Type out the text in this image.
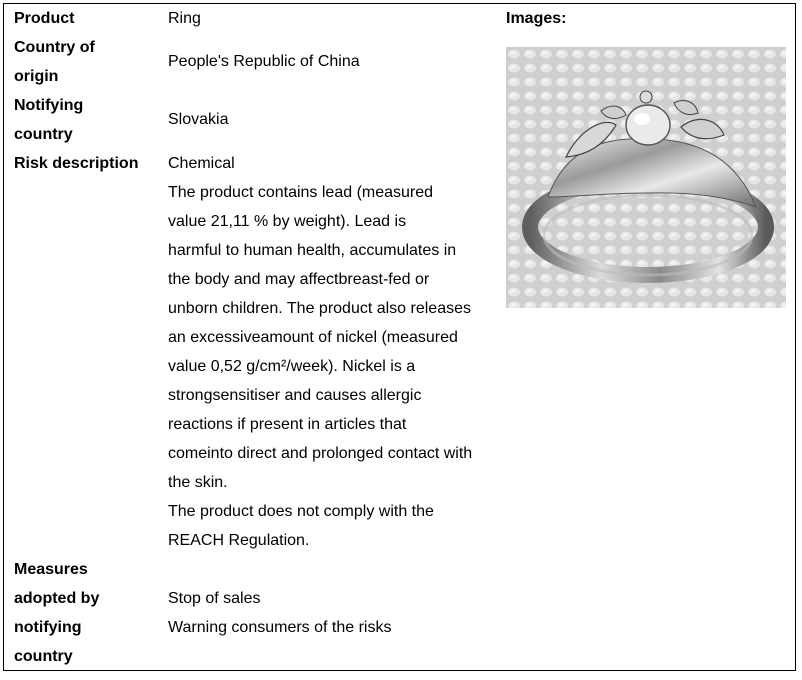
Product
Country of
origin
Notifying
country
Risk description
Measures
adopted by
notifying
country
Ring
People's Republic of China
Slovakia
Chemical
The product contains lead (measured
value 21,11 % by weight). Lead is
harmful to human health, accumulates in
the body and may affectbreast-fed or
unborn children. The product also releases
an excessiveamount of nickel (measured
value 0,52 g/cm²/week). Nickel is a
strongsensitiser and causes allergic
reactions if present in articles that
comeinto direct and prolonged contact with
the skin.
The product does not comply with the
REACH Regulation.
Stop of sales
Warning consumers of the risks
Images:
